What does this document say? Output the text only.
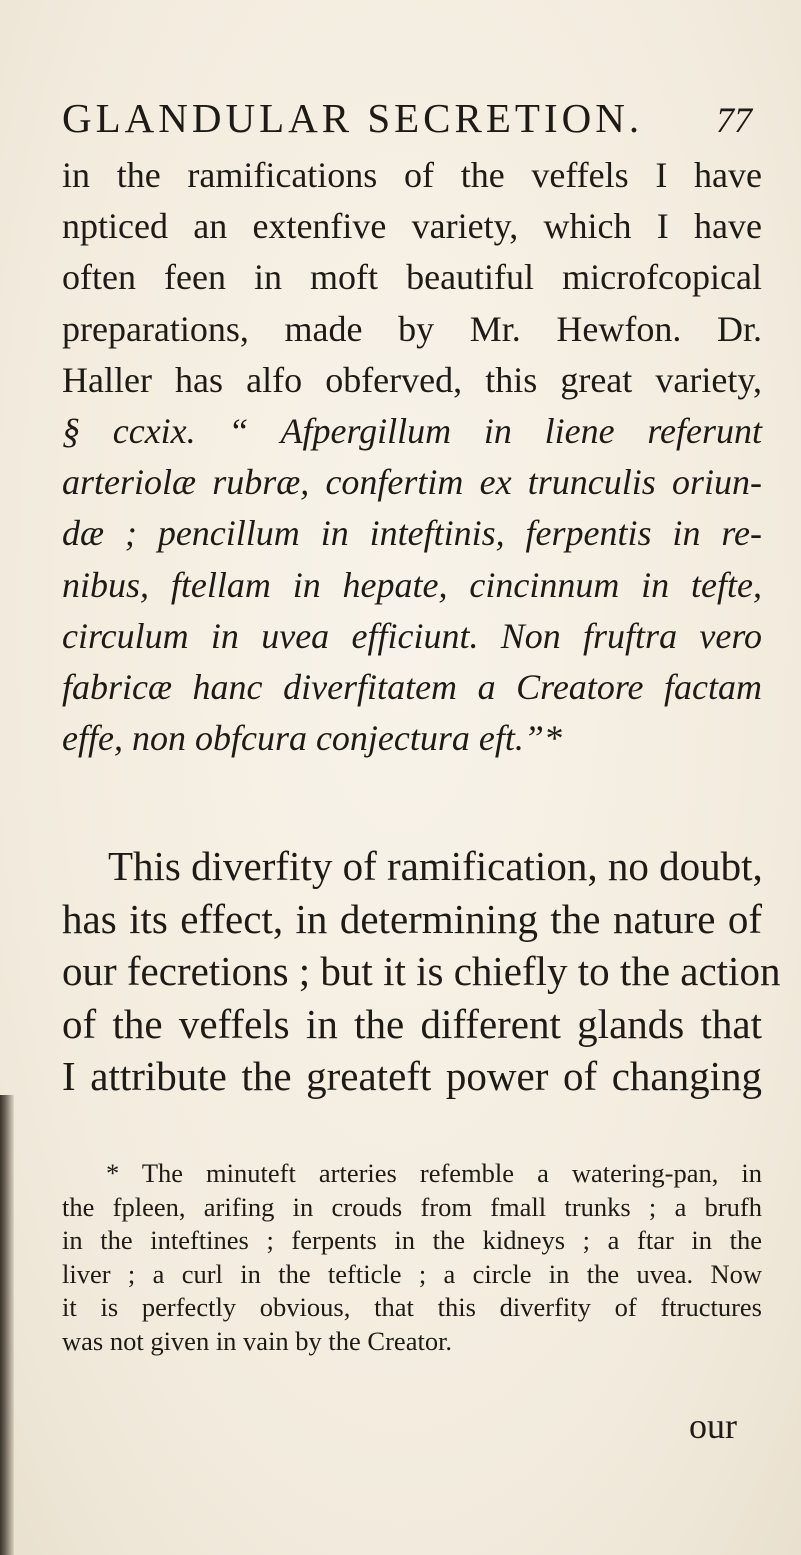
GLANDULAR SECRETION. 77
in the ramifications of the veffels I have
npticed an extenfive variety, which I have
often feen in moft beautiful microfcopical
preparations, made by Mr. Hewfon. Dr.
Haller has alfo obferved, this great variety,
§ ccxix. “ Afpergillum in liene referunt
arteriolæ rubræ, confertim ex trunculis oriun-
dæ ; pencillum in inteftinis, ferpentis in re-
nibus, ftellam in hepate, cincinnum in tefte,
circulum in uvea efficiunt. Non fruftra vero
fabricæ hanc diverfitatem a Creatore factam
effe, non obfcura conjectura eft.”*
This diverfity of ramification, no doubt,
has its effect, in determining the nature of
our fecretions ; but it is chiefly to the action
of the veffels in the different glands that
I attribute the greateft power of changing
* The minuteft arteries refemble a watering-pan, in
the fpleen, arifing in crouds from fmall trunks ; a brufh
in the inteftines ; ferpents in the kidneys ; a ftar in the
liver ; a curl in the tefticle ; a circle in the uvea. Now
it is perfectly obvious, that this diverfity of ftructures
was not given in vain by the Creator.
our
